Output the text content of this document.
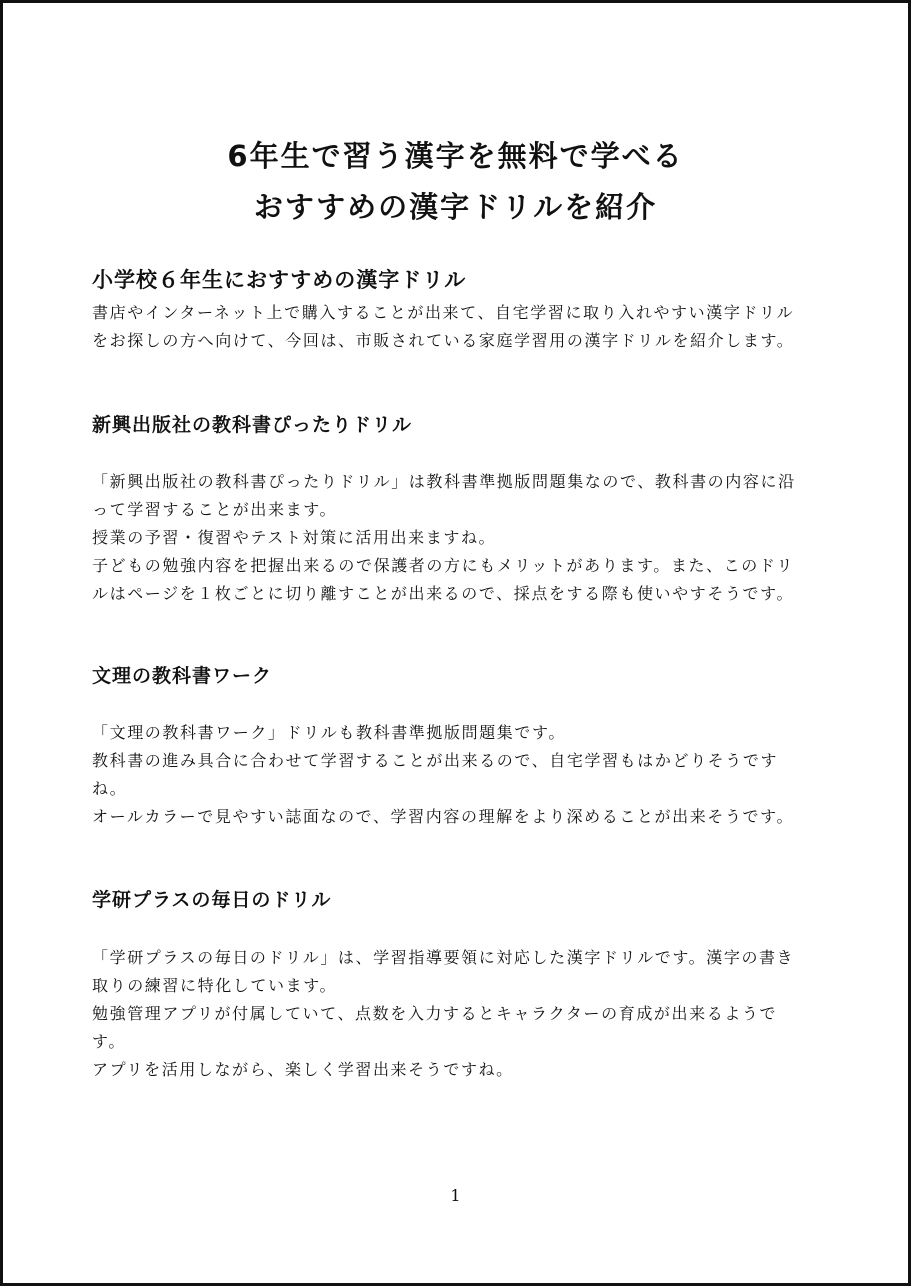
6年生で習う漢字を無料で学べる
おすすめの漢字ドリルを紹介
小学校６年生におすすめの漢字ドリル
書店やインターネット上で購入することが出来て、自宅学習に取り入れやすい漢字ドリル
をお探しの方へ向けて、今回は、市販されている家庭学習用の漢字ドリルを紹介します。
新興出版社の教科書ぴったりドリル
「新興出版社の教科書ぴったりドリル」は教科書準拠版問題集なので、教科書の内容に沿
って学習することが出来ます。
授業の予習・復習やテスト対策に活用出来ますね。
子どもの勉強内容を把握出来るので保護者の方にもメリットがあります。また、このドリ
ルはページを１枚ごとに切り離すことが出来るので、採点をする際も使いやすそうです。
文理の教科書ワーク
「文理の教科書ワーク」ドリルも教科書準拠版問題集です。
教科書の進み具合に合わせて学習することが出来るので、自宅学習もはかどりそうです
ね。
オールカラーで見やすい誌面なので、学習内容の理解をより深めることが出来そうです。
学研プラスの毎日のドリル
「学研プラスの毎日のドリル」は、学習指導要領に対応した漢字ドリルです。漢字の書き
取りの練習に特化しています。
勉強管理アプリが付属していて、点数を入力するとキャラクターの育成が出来るようで
す。
アプリを活用しながら、楽しく学習出来そうですね。
1
